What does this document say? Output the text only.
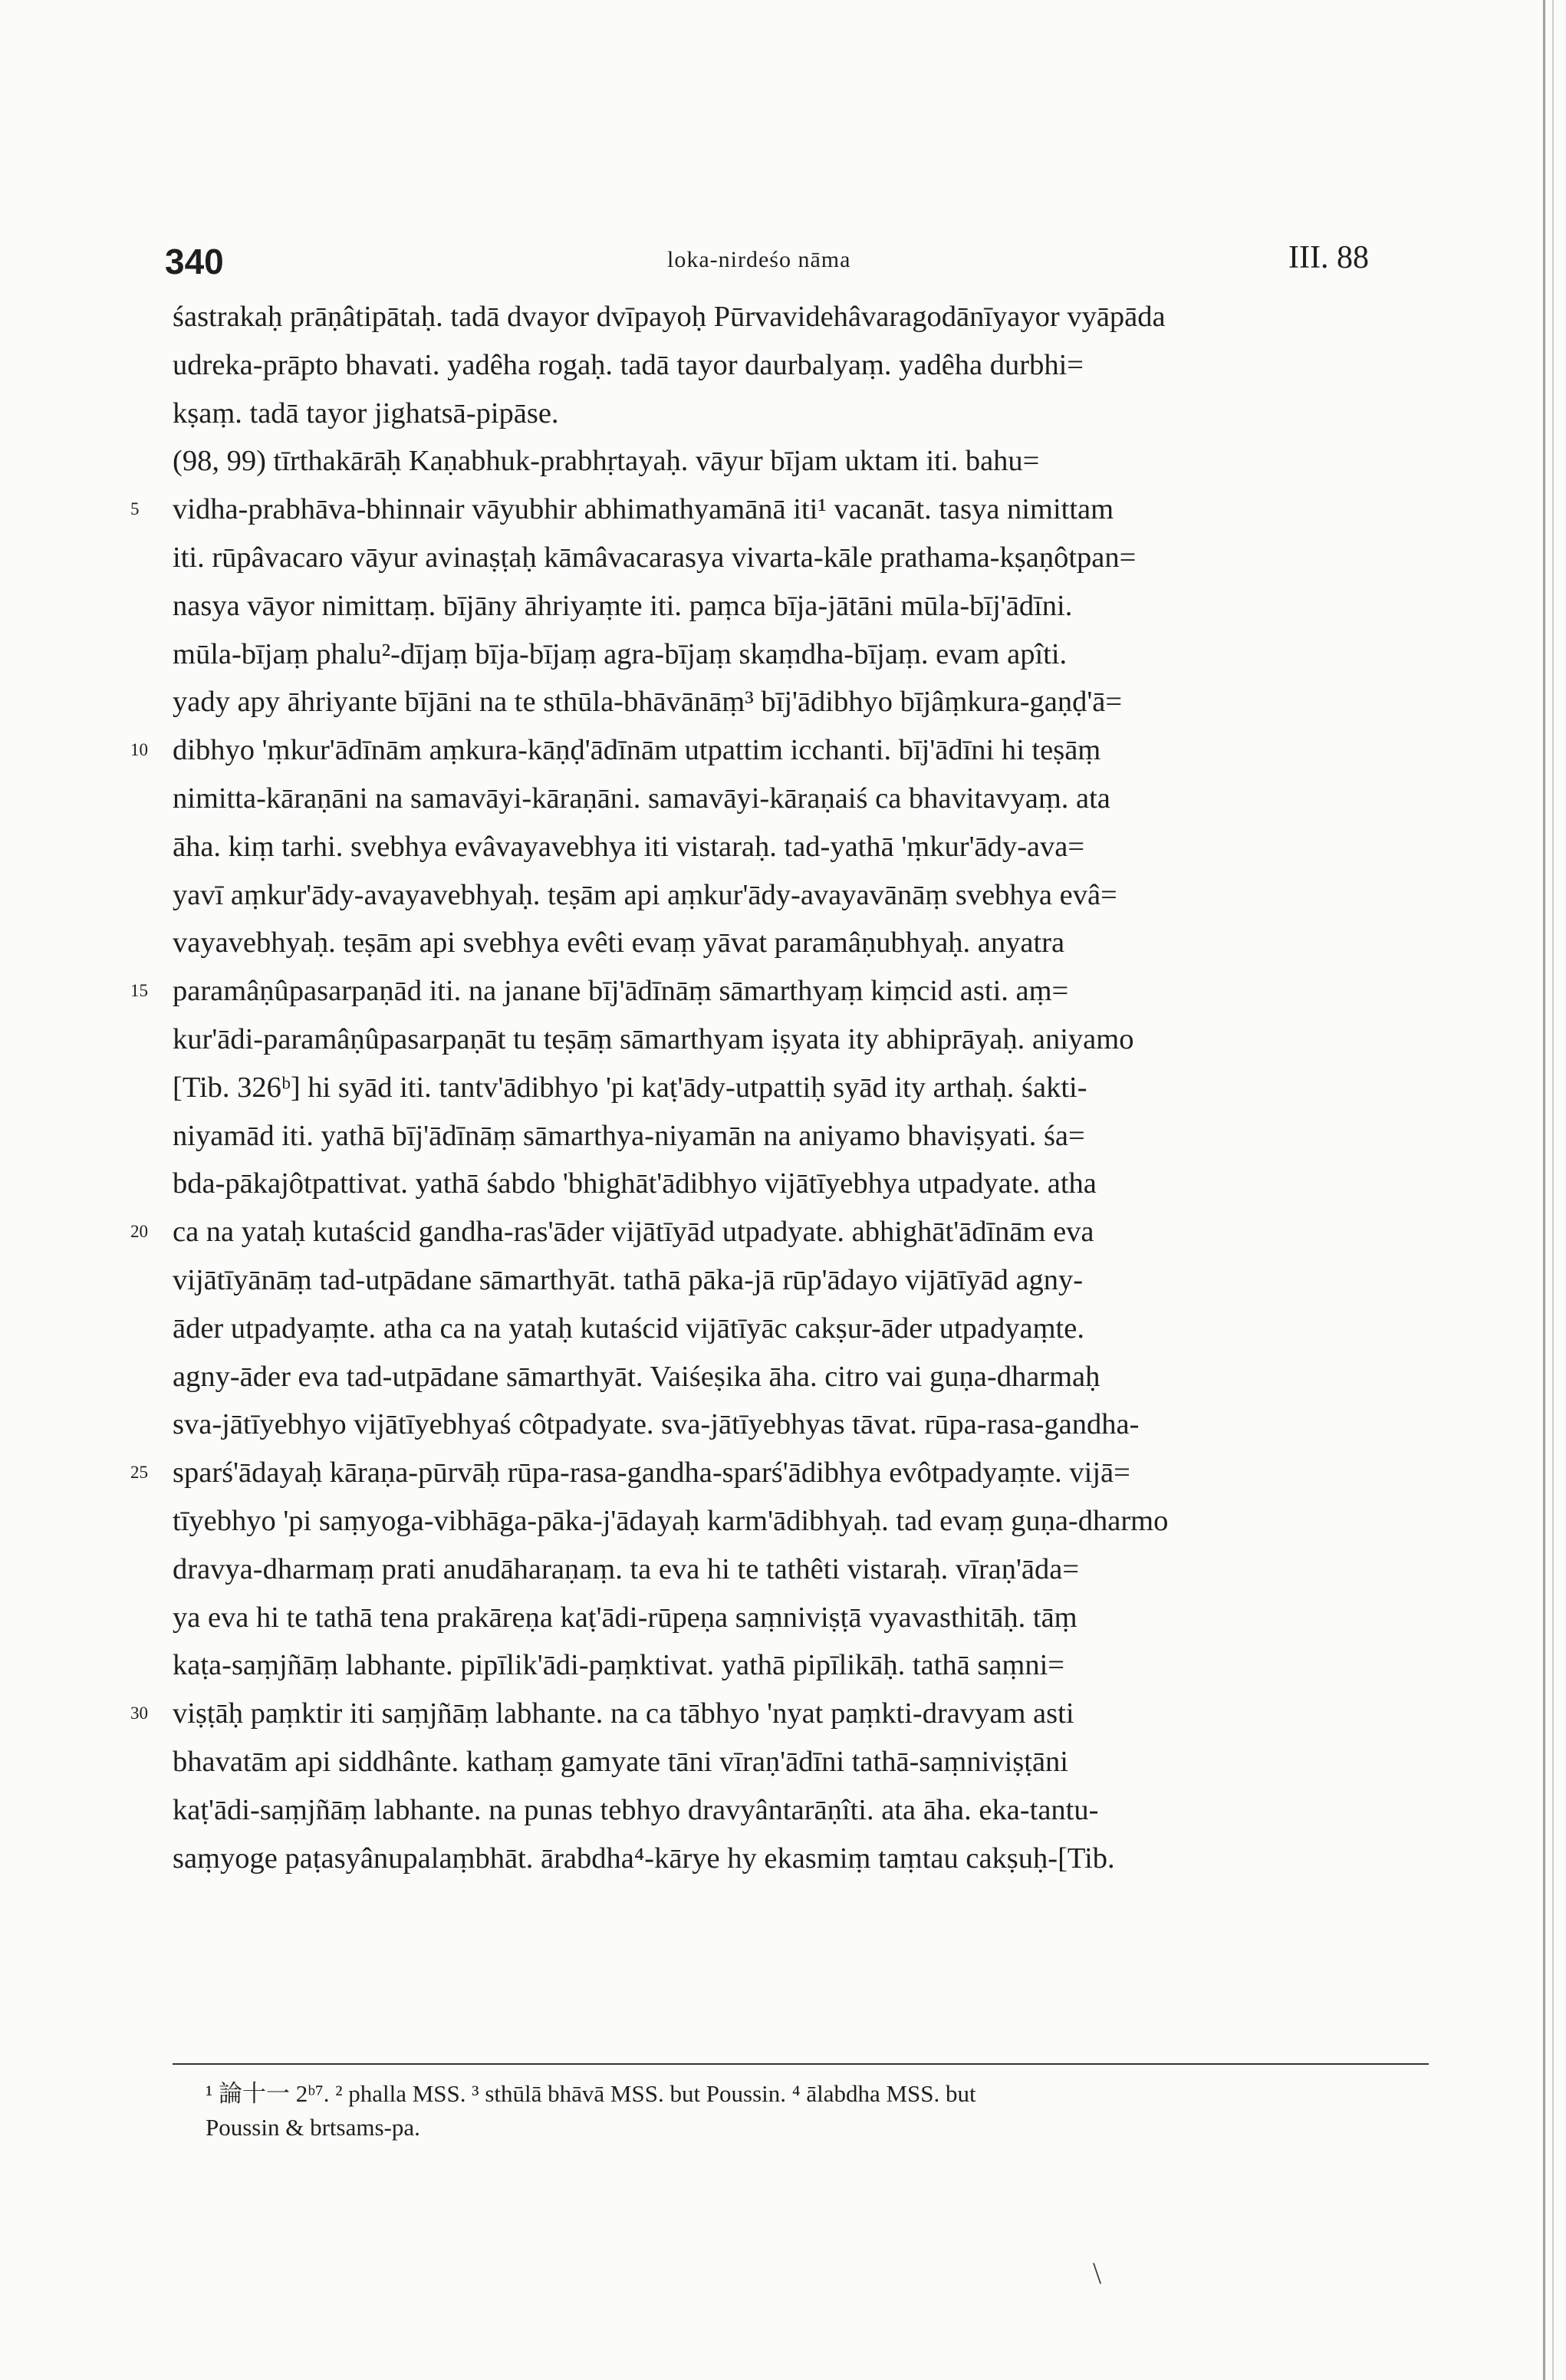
340	loka-nirdeśo nāma	III. 88
śastrakaḥ prāṇâtipātaḥ. tadā dvayor dvīpayoḥ Pūrvavidehâvaragodānīyayor vyāpāda
udreka-prāpto bhavati. yadêha rogaḥ. tadā tayor daurbalyaṃ. yadêha durbhi=
kṣaṃ. tadā tayor jighatsā-pipāse.
(98, 99) tīrthakārāḥ Kaṇabhuk-prabhṛtayaḥ. vāyur bījam uktam iti. bahu=
vidha-prabhāva-bhinnair vāyubhir abhimathyamānā iti¹ vacanāt. tasya nimittam
5
iti. rūpâvacaro vāyur avinaṣṭaḥ kāmâvacarasya vivarta-kāle prathama-kṣaṇôtpan=
nasya vāyor nimittaṃ. bījāny āhriyaṃte iti. paṃca bīja-jātāni mūla-bīj'ādīni.
mūla-bījaṃ phalu²-dījaṃ bīja-bījaṃ agra-bījaṃ skaṃdha-bījaṃ. evam apîti.
yady apy āhriyante bījāni na te sthūla-bhāvānāṃ³ bīj'ādibhyo bījâṃkura-gaṇḍ'ā=
dibhyo 'ṃkur'ādīnām aṃkura-kāṇḍ'ādīnām utpattim icchanti. bīj'ādīni hi teṣāṃ
10
nimitta-kāraṇāni na samavāyi-kāraṇāni. samavāyi-kāraṇaiś ca bhavitavyaṃ. ata
āha. kiṃ tarhi. svebhya evâvayavebhya iti vistaraḥ. tad-yathā 'ṃkur'ādy-ava=
yavī aṃkur'ādy-avayavebhyaḥ. teṣām api aṃkur'ādy-avayavānāṃ svebhya evâ=
vayavebhyaḥ. teṣām api svebhya evêti evaṃ yāvat paramâṇubhyaḥ. anyatra
paramâṇûpasarpaṇād iti. na janane bīj'ādīnāṃ sāmarthyaṃ kiṃcid asti. aṃ=
15
kur'ādi-paramâṇûpasarpaṇāt tu teṣāṃ sāmarthyam iṣyata ity abhiprāyaḥ. aniyamo
[Tib. 326ᵇ] hi syād iti. tantv'ādibhyo 'pi kaṭ'ādy-utpattiḥ syād ity arthaḥ. śakti-
niyamād iti. yathā bīj'ādīnāṃ sāmarthya-niyamān na aniyamo bhaviṣyati. śa=
bda-pākajôtpattivat. yathā śabdo 'bhighāt'ādibhyo vijātīyebhya utpadyate. atha
ca na yataḥ kutaścid gandha-ras'āder vijātīyād utpadyate. abhighāt'ādīnām eva
20
vijātīyānāṃ tad-utpādane sāmarthyāt. tathā pāka-jā rūp'ādayo vijātīyād agny-
āder utpadyaṃte. atha ca na yataḥ kutaścid vijātīyāc cakṣur-āder utpadyaṃte.
agny-āder eva tad-utpādane sāmarthyāt. Vaiśeṣika āha. citro vai guṇa-dharmaḥ
sva-jātīyebhyo vijātīyebhyaś côtpadyate. sva-jātīyebhyas tāvat. rūpa-rasa-gandha-
sparś'ādayaḥ kāraṇa-pūrvāḥ rūpa-rasa-gandha-sparś'ādibhya evôtpadyaṃte. vijā=
25
tīyebhyo 'pi saṃyoga-vibhāga-pāka-j'ādayaḥ karm'ādibhyaḥ. tad evaṃ guṇa-dharmo
dravya-dharmaṃ prati anudāharaṇaṃ. ta eva hi te tathêti vistaraḥ. vīraṇ'āda=
ya eva hi te tathā tena prakāreṇa kaṭ'ādi-rūpeṇa saṃniviṣṭā vyavasthitāḥ. tāṃ
kaṭa-saṃjñāṃ labhante. pipīlik'ādi-paṃktivat. yathā pipīlikāḥ. tathā saṃni=
viṣṭāḥ paṃktir iti saṃjñāṃ labhante. na ca tābhyo 'nyat paṃkti-dravyam asti
30
bhavatām api siddhânte. kathaṃ gamyate tāni vīraṇ'ādīni tathā-saṃniviṣṭāni
kaṭ'ādi-saṃjñāṃ labhante. na punas tebhyo dravyântarāṇîti. ata āha. eka-tantu-
saṃyoge paṭasyânupalaṃbhāt. ārabdha⁴-kārye hy ekasmiṃ taṃtau cakṣuḥ-[Tib.
¹ 論十一 2ᵇ⁷. ² phalla MSS. ³ sthūlā bhāvā MSS. but Poussin. ⁴ ālabdha MSS. but
Poussin & brtsams-pa.
\
